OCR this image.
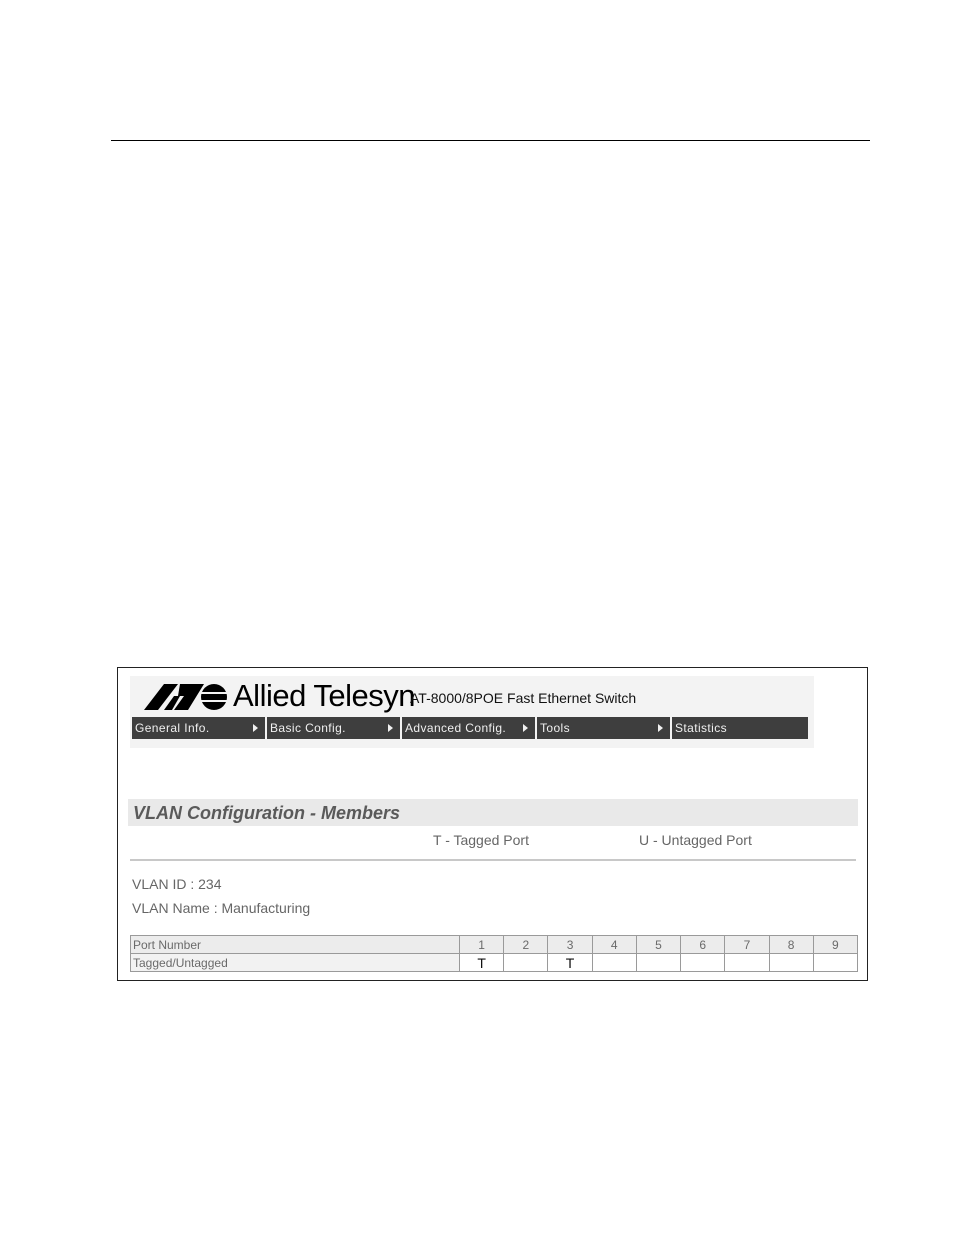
Allied Telesyn
AT-8000/8POE Fast Ethernet Switch
General Info.	Basic Config.	Advanced Config.	Tools	Statistics
VLAN Configuration - Members
T - Tagged Port	U - Untagged Port
VLAN ID : 234
VLAN Name : Manufacturing
Port Number	1	2	3	4	5	6	7	8	9
Tagged/Untagged	T		T						
